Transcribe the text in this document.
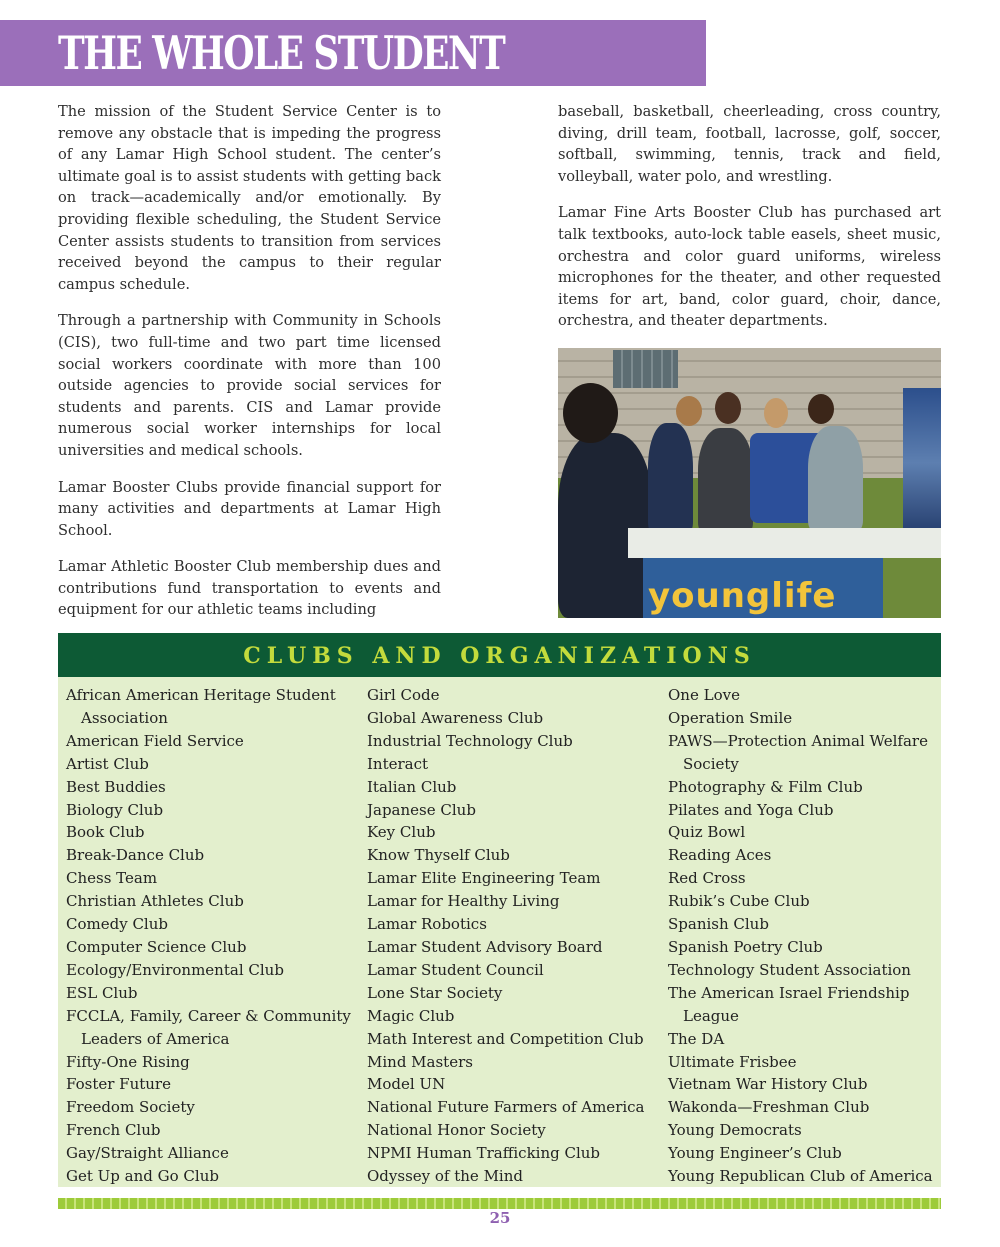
THE WHOLE STUDENT

The mission of the Student Service Center is to remove any obstacle that is impeding the progress of any Lamar High School student. The center’s ultimate goal is to assist students with getting back on track—academically and/or emotionally. By providing flexible scheduling, the Student Service Center assists students to transition from services received beyond the campus to their regular campus schedule.

Through a partnership with Community in Schools (CIS), two full-time and two part time licensed social workers coordinate with more than 100 outside agencies to provide social services for students and parents. CIS and Lamar provide numerous social worker internships for local universities and medical schools.

Lamar Booster Clubs provide financial support for many activities and departments at Lamar High School.

Lamar Athletic Booster Club membership dues and contributions fund transportation to events and equipment for our athletic teams including

baseball, basketball, cheerleading, cross country, diving, drill team, football, lacrosse, golf, soccer, softball, swimming, tennis, track and field, volleyball, water polo, and wrestling.

Lamar Fine Arts Booster Club has purchased art talk textbooks, auto-lock table easels, sheet music, orchestra and color guard uniforms, wireless microphones for the theater, and other requested items for art, band, color guard, choir, dance, orchestra, and theater departments.

younglife
CLUBS AND ORGANIZATIONS
African American Heritage Student
Association
American Field Service
Artist Club
Best Buddies
Biology Club
Book Club
Break-Dance Club
Chess Team
Christian Athletes Club
Comedy Club
Computer Science Club
Ecology/Environmental Club
ESL Club
FCCLA, Family, Career & Community
Leaders of America
Fifty-One Rising
Foster Future
Freedom Society
French Club
Gay/Straight Alliance
Get Up and Go Club
Girl Code
Global Awareness Club
Industrial Technology Club
Interact
Italian Club
Japanese Club
Key Club
Know Thyself Club
Lamar Elite Engineering Team
Lamar for Healthy Living
Lamar Robotics
Lamar Student Advisory Board
Lamar Student Council
Lone Star Society
Magic Club
Math Interest and Competition Club
Mind Masters
Model UN
National Future Farmers of America
National Honor Society
NPMI Human Trafficking Club
Odyssey of the Mind
One Love
Operation Smile
PAWS—Protection Animal Welfare
Society
Photography & Film Club
Pilates and Yoga Club
Quiz Bowl
Reading Aces
Red Cross
Rubik’s Cube Club
Spanish Club
Spanish Poetry Club
Technology Student Association
The American Israel Friendship
League
The DA
Ultimate Frisbee
Vietnam War History Club
Wakonda—Freshman Club
Young Democrats
Young Engineer’s Club
Young Republican Club of America
25
